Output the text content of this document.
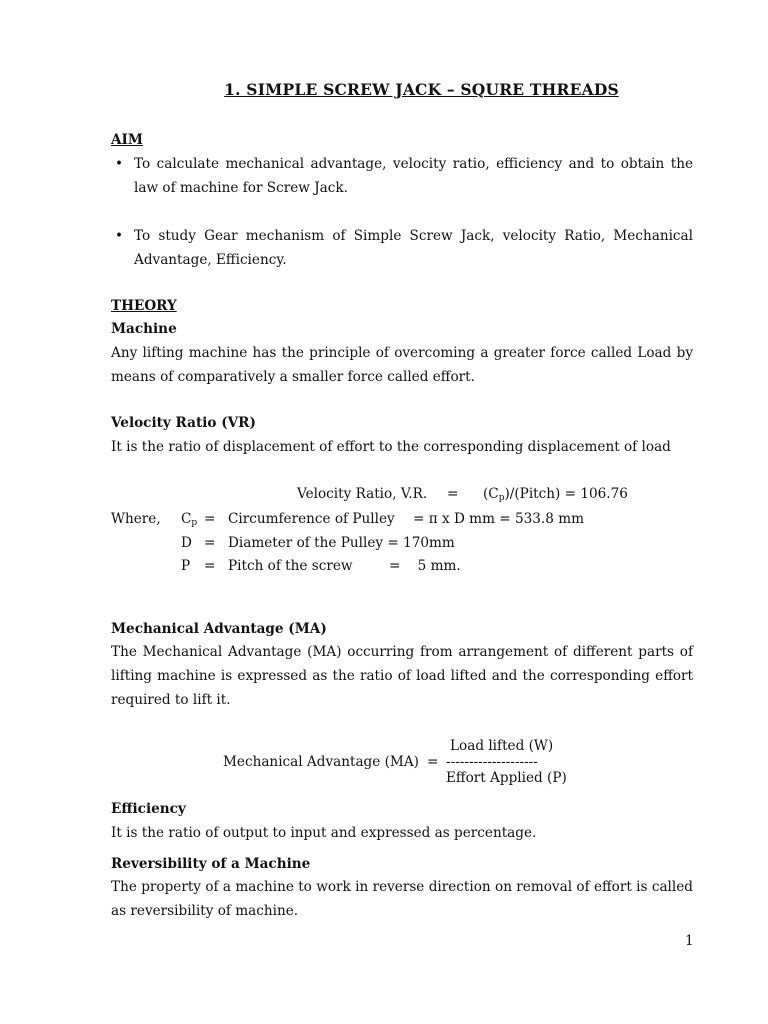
1. SIMPLE SCREW JACK – SQURE THREADS
AIM
• To calculate mechanical advantage, velocity ratio, efficiency and to obtain the law of machine for Screw Jack.
• To study Gear mechanism of Simple Screw Jack, velocity Ratio, Mechanical Advantage, Efficiency.
THEORY
Machine
Any lifting machine has the principle of overcoming a greater force called Load by means of comparatively a smaller force called effort.
Velocity Ratio (VR)
It is the ratio of displacement of effort to the corresponding displacement of load
Velocity Ratio, V.R. = $(C_p)/(Pitch) = 106.76$
Where, $C_p$ = Circumference of Pulley = π x D mm = 533.8 mm
D = Diameter of the Pulley = 170mm
P = Pitch of the screw	=    5 mm.
Mechanical Advantage (MA)
The Mechanical Advantage (MA) occurring from arrangement of different parts of lifting machine is expressed as the ratio of load lifted and the corresponding effort required to lift it.
Load lifted (W)
Mechanical Advantage (MA) = --------------------
Effort Applied (P)
Efficiency
It is the ratio of output to input and expressed as percentage.
Reversibility of a Machine
The property of a machine to work in reverse direction on removal of effort is called as reversibility of machine.
1
